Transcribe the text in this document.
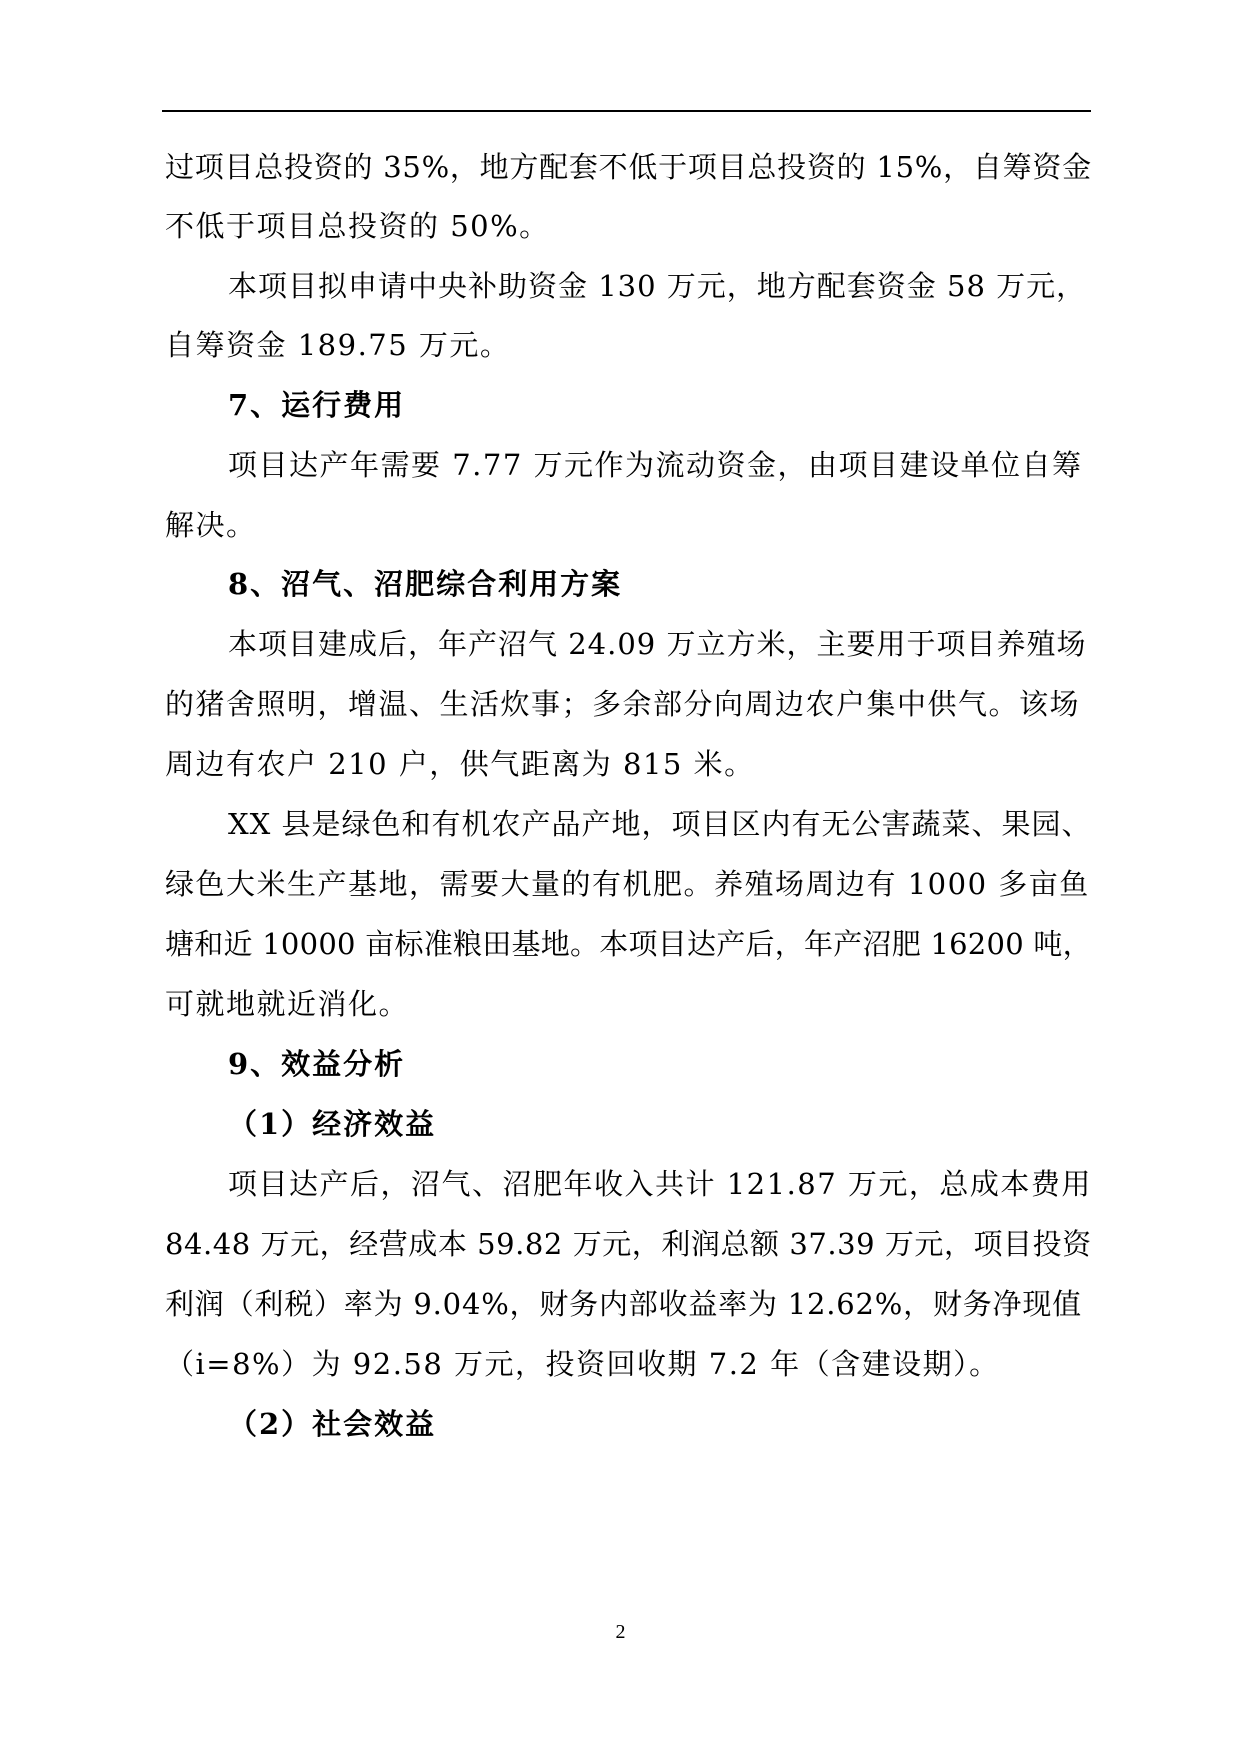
过项目总投资的 35%，地方配套不低于项目总投资的 15%，自筹资金

不低于项目总投资的 50%。

本项目拟申请中央补助资金 130 万元，地方配套资金 58 万元，

自筹资金 189.75 万元。

7、运行费用

项目达产年需要 7.77 万元作为流动资金，由项目建设单位自筹

解决。

8、沼气、沼肥综合利用方案

本项目建成后，年产沼气 24.09 万立方米，主要用于项目养殖场

的猪舍照明，增温、生活炊事；多余部分向周边农户集中供气。该场

周边有农户 210 户，供气距离为 815 米。

XX 县是绿色和有机农产品产地，项目区内有无公害蔬菜、果园、

绿色大米生产基地，需要大量的有机肥。养殖场周边有 1000 多亩鱼

塘和近 10000 亩标准粮田基地。本项目达产后，年产沼肥 16200 吨，

可就地就近消化。

9、效益分析

（1）经济效益

项目达产后，沼气、沼肥年收入共计 121.87 万元，总成本费用

84.48 万元，经营成本 59.82 万元，利润总额 37.39 万元，项目投资

利润（利税）率为 9.04%，财务内部收益率为 12.62%，财务净现值

（i=8%）为 92.58 万元，投资回收期 7.2 年（含建设期）。

（2）社会效益

2
